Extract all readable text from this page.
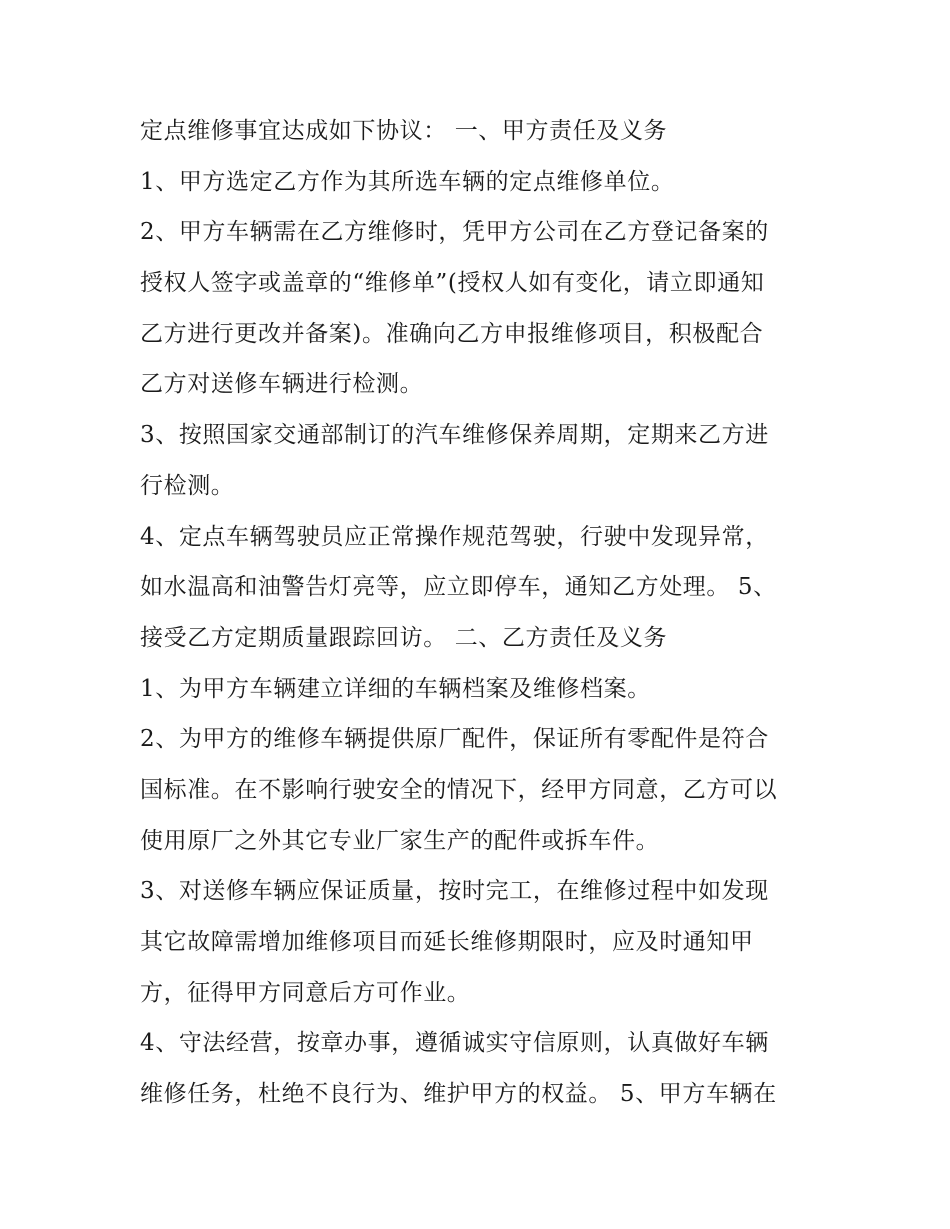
定点维修事宜达成如下协议： 一、甲方责任及义务
1、甲方选定乙方作为其所选车辆的定点维修单位。
2、甲方车辆需在乙方维修时，凭甲方公司在乙方登记备案的
授权人签字或盖章的“维修单”(授权人如有变化，请立即通知
乙方进行更改并备案)。准确向乙方申报维修项目，积极配合
乙方对送修车辆进行检测。
3、按照国家交通部制订的汽车维修保养周期，定期来乙方进
行检测。
4、定点车辆驾驶员应正常操作规范驾驶，行驶中发现异常，
如水温高和油警告灯亮等，应立即停车，通知乙方处理。 5、
接受乙方定期质量跟踪回访。 二、乙方责任及义务
1、为甲方车辆建立详细的车辆档案及维修档案。
2、为甲方的维修车辆提供原厂配件，保证所有零配件是符合
国标准。在不影响行驶安全的情况下，经甲方同意，乙方可以
使用原厂之外其它专业厂家生产的配件或拆车件。
3、对送修车辆应保证质量，按时完工，在维修过程中如发现
其它故障需增加维修项目而延长维修期限时，应及时通知甲
方，征得甲方同意后方可作业。
4、守法经营，按章办事，遵循诚实守信原则，认真做好车辆
维修任务，杜绝不良行为、维护甲方的权益。 5、甲方车辆在
